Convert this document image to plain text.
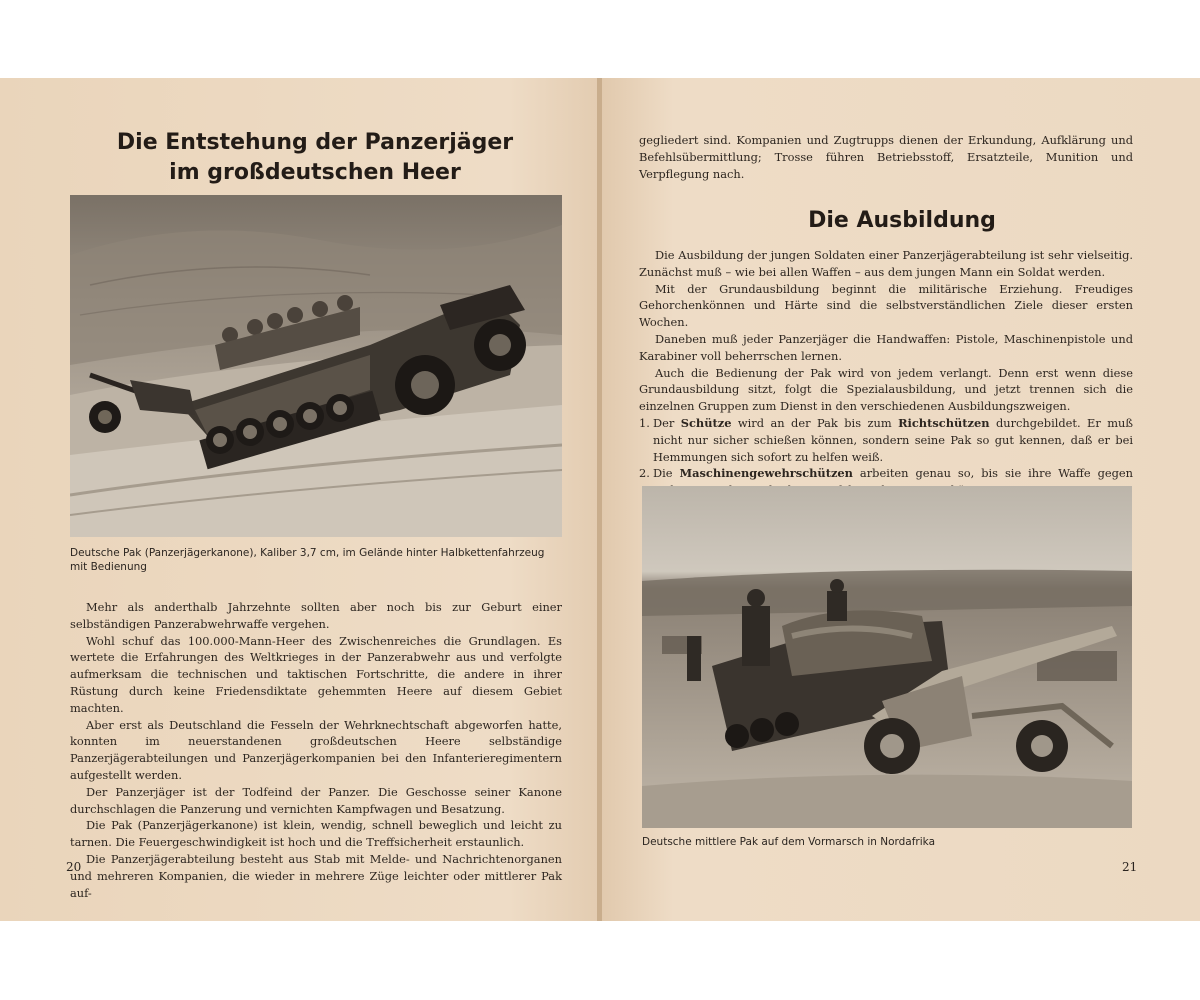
Die Entstehung der Panzerjäger
im großdeutschen Heer
Deutsche Pak (Panzerjägerkanone), Kaliber 3,7 cm, im Gelände hinter Halbkettenfahrzeug mit Bedienung

Mehr als anderthalb Jahrzehnte sollten aber noch bis zur Geburt einer selbständigen Panzerabwehrwaffe vergehen.

Wohl schuf das 100.000-Mann-Heer des Zwischenreiches die Grundlagen. Es wertete die Erfahrungen des Weltkrieges in der Panzerabwehr aus und verfolgte aufmerksam die technischen und taktischen Fortschritte, die andere in ihrer Rüstung durch keine Friedensdiktate gehemmten Heere auf diesem Gebiet machten.

Aber erst als Deutschland die Fesseln der Wehrknechtschaft abgeworfen hatte, konnten im neuerstandenen großdeutschen Heere selbständige Panzerjägerabteilungen und Panzerjägerkompanien bei den Infanterieregimentern aufgestellt werden.

Der Panzerjäger ist der Todfeind der Panzer. Die Geschosse seiner Kanone durchschlagen die Panzerung und vernichten Kampfwagen und Besatzung.

Die Pak (Panzerjägerkanone) ist klein, wendig, schnell beweglich und leicht zu tarnen. Die Feuergeschwindigkeit ist hoch und die Treffsicherheit erstaunlich.

Die Panzerjägerabteilung besteht aus Stab mit Melde- und Nachrichtenorganen und mehreren Kompanien, die wieder in mehrere Züge leichter oder mittlerer Pak auf-

20

gegliedert sind. Kompanien und Zugtrupps dienen der Erkundung, Aufklärung und Befehlsübermittlung; Trosse führen Betriebsstoff, Ersatzteile, Munition und Verpflegung nach.

Die Ausbildung

Die Ausbildung der jungen Soldaten einer Panzerjägerabteilung ist sehr vielseitig. Zunächst muß – wie bei allen Waffen – aus dem jungen Mann ein Soldat werden.

Mit der Grundausbildung beginnt die militärische Erziehung. Freudiges Gehorchenkönnen und Härte sind die selbstverständlichen Ziele dieser ersten Wochen.

Daneben muß jeder Panzerjäger die Handwaffen: Pistole, Maschinenpistole und Karabiner voll beherrschen lernen.

Auch die Bedienung der Pak wird von jedem verlangt. Denn erst wenn diese Grundausbildung sitzt, folgt die Spezialausbildung, und jetzt trennen sich die einzelnen Gruppen zum Dienst in den verschiedenen Ausbildungszweigen.

1. Der Schütze wird an der Pak bis zum Richtschützen durchgebildet. Er muß nicht nur sicher schießen können, sondern seine Pak so gut kennen, daß er bei Hemmungen sich sofort zu helfen weiß.
2. Die Maschinengewehrschützen arbeiten genau so, bis sie ihre Waffe gegen
Deutsche mittlere Pak auf dem Vormarsch in Nordafrika
21
